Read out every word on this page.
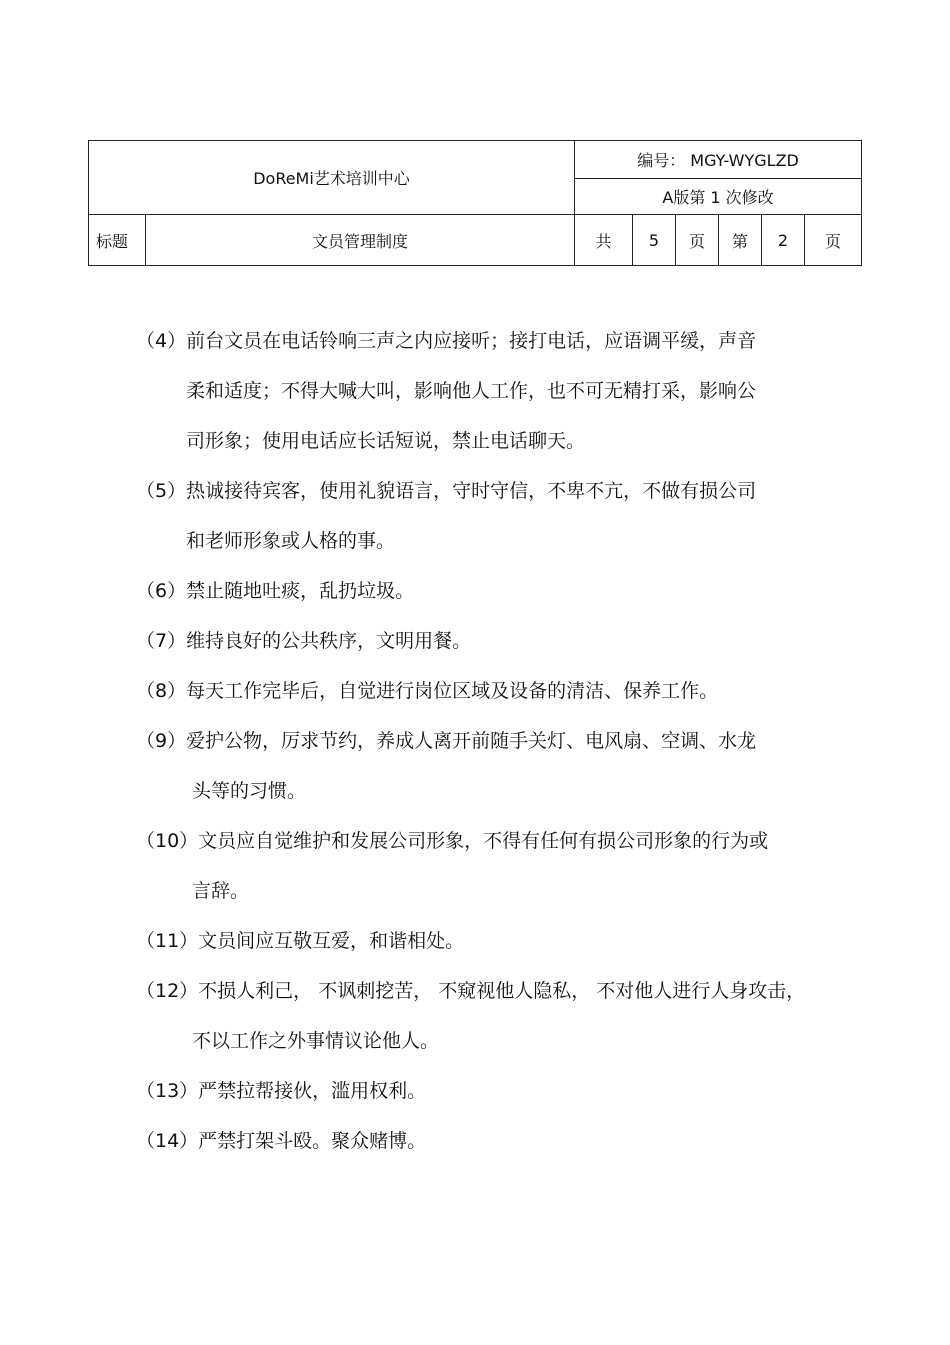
DoReMi艺术培训中心		编号： MGY-WYGLZD					
		A版第 1 次修改					
标题	文员管理制度	共	5	页	第	2	页
（4）前台文员在电话铃响三声之内应接听；接打电话，应语调平缓，声音
柔和适度；不得大喊大叫，影响他人工作，也不可无精打采，影响公
司形象；使用电话应长话短说，禁止电话聊天。
（5）热诚接待宾客，使用礼貌语言，守时守信，不卑不亢，不做有损公司
和老师形象或人格的事。
（6）禁止随地吐痰，乱扔垃圾。
（7）维持良好的公共秩序，文明用餐。
（8）每天工作完毕后，自觉进行岗位区域及设备的清洁、保养工作。
（9）爱护公物，厉求节约，养成人离开前随手关灯、电风扇、空调、水龙
头等的习惯。
（10）文员应自觉维护和发展公司形象，不得有任何有损公司形象的行为或
言辞。
（11）文员间应互敬互爱，和谐相处。
（12）不损人利己， 不讽刺挖苦， 不窥视他人隐私， 不对他人进行人身攻击，
不以工作之外事情议论他人。
（13）严禁拉帮接伙，滥用权利。
（14）严禁打架斗殴。聚众赌博。
